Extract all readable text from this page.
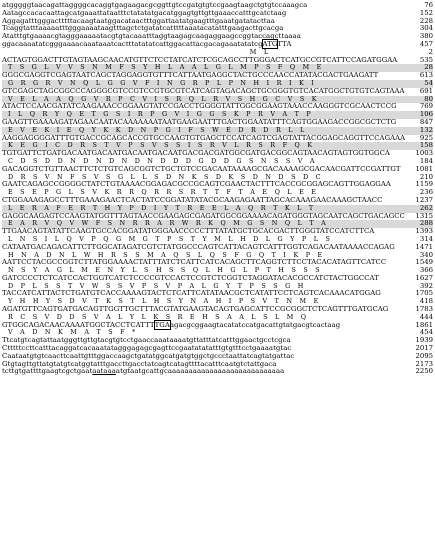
atgggggtaacagattaggggcacaggtgagaagacgcggttgtccgatgtgtccgaagtaagctgtgtccaaagca	76
Aatagccacacaattagcatgaaattataatttctatatatgacatggagtgttgttgaaaccatttgcatctaag	152
Aggagatttgggactttttacaagtaatggacataactttggattaatatgaagtttgaaatgatatacttaa	228
Tcaggtatttaaaaatttgggaaaataagtttagctctgatatcatttttaaatacatatttgaagacttgcacga	304
Atatttgtgaaaacgtagggaaaaatacgtgtacaaatttaggtaagagcaagaggaagccggtaccagcttaaaa	380
ggacaaaatatcgggaaaacaaataaatcactttatatatcattggacattacgacagaaatatatcgATGTTA	457
M  L	2
ACTAGTGGACTTGTAGTAAGCAACATGTTCTCCTATCATCTCGCAGCCTTGGGACTCATGCCGTCATTCCAGATGGAA	535
T  S  G  L  V  V  S  N  M  F  S  Y  H  L  A  A  L  G  L  M  P  S  F  Q  M  E	28
GGGCGAGGTCGAGTAATCAGCTAGGAGGTGTTTCATTAATGAGGCTACTGCCCAACCATATACGACTGAAGATT	613
G  R  G  R  V  N  Q  L  G  G  V  F  I  N  G  R  P  L  P  N  H  I  R  I  K  I	54
GTCGAGCTAGCGGCCCAGGGCGTCCGTCCGTGCGTCATCAGTAGACAGCTGCGGGTGTCACATGGCTGTGTCAGTAAA 691
V  E  L  A  A  Q  G  V  R  P  C  V  I  S  R  Q  L  R  V  S  H  G  C  V  S  K	80
ATACTCCAACGATATCAAGAAACCGGAAGTATCCGACCTGGGGTATTGGCGGAAGTAAACCAAGGGTCGCAACTCCG	769
I  L  Q  R  Y  Q  E  T  G  S  I  R  P  G  V  I  G  G  S  K  P  R  V  A  T  P	106
GAAGTTGAAAAGATAGAACAATACAAAAAAATAATGAAGAATTTGACTGGAATATTTCAGTGGAAGACCGGCGCTCTG	847
E  V  E  K  I  E  Q  Y  K  K  D  N  P  G  I  F  S  W  E  D  R  D  R  L  L	132
AAGGAGGGGATTTGTGACCGCAGCACCGTGCCAAGTGTGAGCTCCATCAGTCGAGTATTACGGAGCAGGTTCCAGAAA 925
K  E  G  I  C  D  R  S  T  V  P  S  V  S  S  I  S  R  V  L  R  S  R  F  Q  K	158
TGTGATTCTGATGACAATGACAATGACAATGACAATGACGACGATGGCGATGACGGCAGTAACAGTAGTGGTGGCA	1003
C  D  S  D  D  N  D  N  D  N  D  N  D  D  D  G  D  D  G  S  N  S  S  V  A	184
GACAGGTCTGTTAACTTCTCTGTCAGCGGTCTGCTGTCCGACAATAAAAGCGACAAAAGCGACAACGATTCCGATTGT 1081
D  R  S  V  N  F  S  V  S  G  L  L  S  D  N  K  S  D  K  S  D  N  D  S  D  C	210
GAATCAGAGCCGGGGCTATCTGTAAAACGGAGACGCCGCAGTCGAACTACTTTCACCGCGGAGCAGTTGGAGGAA	1159
E  S  E  P  G  L  S  V  K  R  R  Q  R  R  S  R  T  T  F  T  A  E  Q  L  E  E	236
CTGGAAAGAGCCTTTGAAAGAACTCACTATCCGGATATATACGCAAGAGAATTAGCACAAAGAACAAAGCTAACC	1237
L  E  R  A  F  E  R  T  H  Y  P  D  I  Y  T  R  E  E  L  A  Q  R  T  K  L  T	262
GAGGCAAGAGTCCAAGTATGGTTTAGTAACCGAAGAGCGAGATGGCGGAAAACAGATGGGTAGCAATCAGCTGACAGCC 1315
E  A  R  V  Q  V  W  F  S  N  R  R  A  R  W  R  K  Q  M  G  S  N  Q  L  T  A	288
TTGAACAGTATATTCAAGTGCCACGGATATGGGAACCCCCTTTATATGCTGCACGACTTGGGTATCCATCTTCA	1393
L  N  S  I  L  Q  V  P  Q  G  M  G  T  P  S  T  Y  M  L  H  D  L  G  Y  P  L  S	314
CATAATGACAGACATTCTTGGCATAGATCGTCTATGGCCCAGTCATTACAGTCATTTGGTCAGACAATAAAACCAGAG	1471
H  N  A  D  N  L  W  H  R  S  S  M  A  Q  S  L  Q  S  F  G  Q  T  I  K  P  E	340
AATTCCTACGCCGGTCTTATGGAAAACTATTTATCTCATTCATCACAGCTTCAGGTCTTCCTACACATAGTTCATCC	1549
N  S  Y  A  G  L  M  E  N  Y  L  S  H  S  S  Q  L  H  G  L  P  T  H  S  S  S	366
GATCCCCTCTCATCCACTGGTCATCTCCCCGTCCACTCCGTCTCGGTCTAGGATACACGCCATCTACTGGCCAT	1627
D  P  L  S  S  T  V  W  S  S  V  P  S  V  P  A  L  G  Y  T  P  S  S  G  H	392
TACCATCATTACTCTGATGTCACCAAAAGTACTCTCATTCATATAACGCTCATATTCCTCAGTCACAAACATGGAG	1705
Y  H  H  Y  S  D  V  T  K  S  T  L  H  S  Y  N  A  H  I  P  S  V  T  N  M  E	418
AGATGTTCAGTGATGACAGTTGGTTGCTTTACGTATGAAGTACAGTGAGCATTCCGCGGCTCTCAGTTTGATGCAG	1783
R  C  S  V  D  D  S  V  A  L  Y  L  K  S  R  E  H  S  A  A  L  S  L  M  Q	444
GTGGCAGACAACAAAATGGCTACCTCATTTTGAagacgcggaagtacatatccatgacattgtatgacgtcactaag	1861
V  A  D  N  K  M  A  T  S  F  *	454
Ttcatgtcagtattaatgggttgttgtacgtgtcctgaaccaaataaaatgttatttatcatttggaactgcctcgca	1939
Ctttttccttcatttacaggatcacaaatatagggagagcgagttccgaatatatatttgtgtttcctgaaaatgtac	2017
Caataatgtgtcaacttcaattgtttggaccaagctgatatggcatgatgtggctgccctaattatcagtatgattac	2095
Gtgtagttgttatgtatgtcatggtatttgaccttgacctatcagtcatagttttacatttcaatgtctattgaca	2173
tcttgtgattttgaagtcgctgaataataaaatgtaatgcattgcaaaaaaaaaaaaaaaaaaaaaaaaaaaa	2250
